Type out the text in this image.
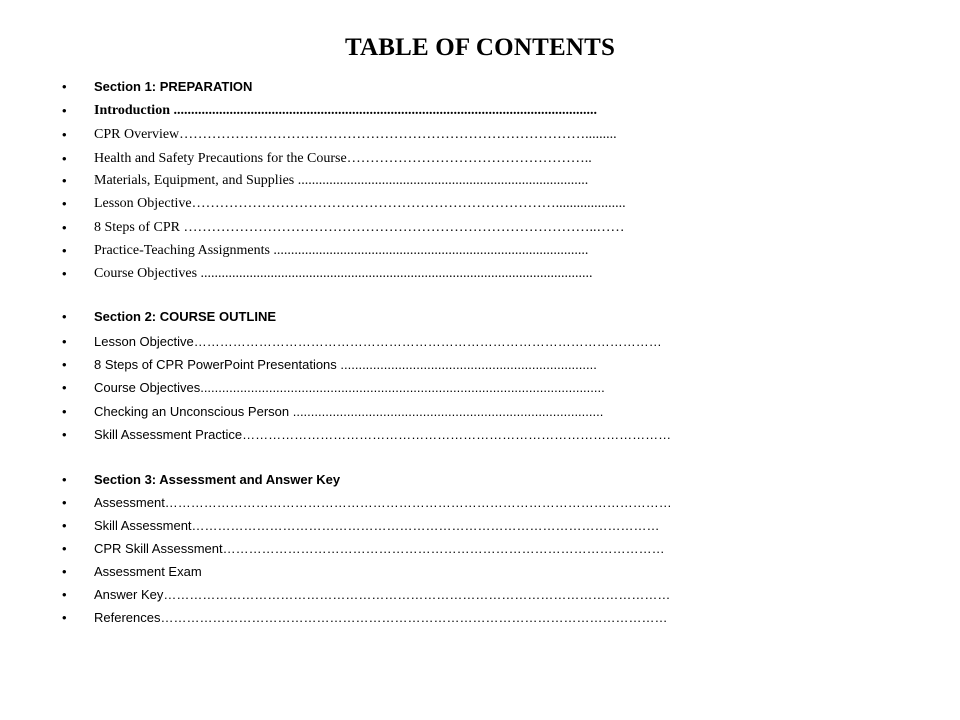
TABLE OF CONTENTS
• Section 1: PREPARATION
• Introduction .........................................................................................................................
• CPR Overview…………………………………………………………………………….........
• Health and Safety Precautions for the Course……………………………………………..
• Materials, Equipment, and Supplies ...................................................................................
• Lesson Objective……………………………………………………………………....................
• 8 Steps of CPR ……………………………………………………………………………..……
• Practice-Teaching Assignments ..........................................................................................
• Course Objectives ................................................................................................................
• Section 2: COURSE OUTLINE
• Lesson Objective………………………………………………………………………………………………
• 8 Steps of CPR PowerPoint Presentations .......................................................................
• Course Objectives................................................................................................................
• Checking an Unconscious Person ......................................................................................
• Skill Assessment Practice………………………………………………………………………………………
• Section 3: Assessment and Answer Key
• Assessment………………………………………………………………………………………………………
• Skill Assessment………………………………………………………………………………………………
• CPR Skill Assessment…………………………………………………………………………………………
• Assessment Exam
• Answer Key………………………………………………………………………………………………………
• References………………………………………………………………………………………………………
